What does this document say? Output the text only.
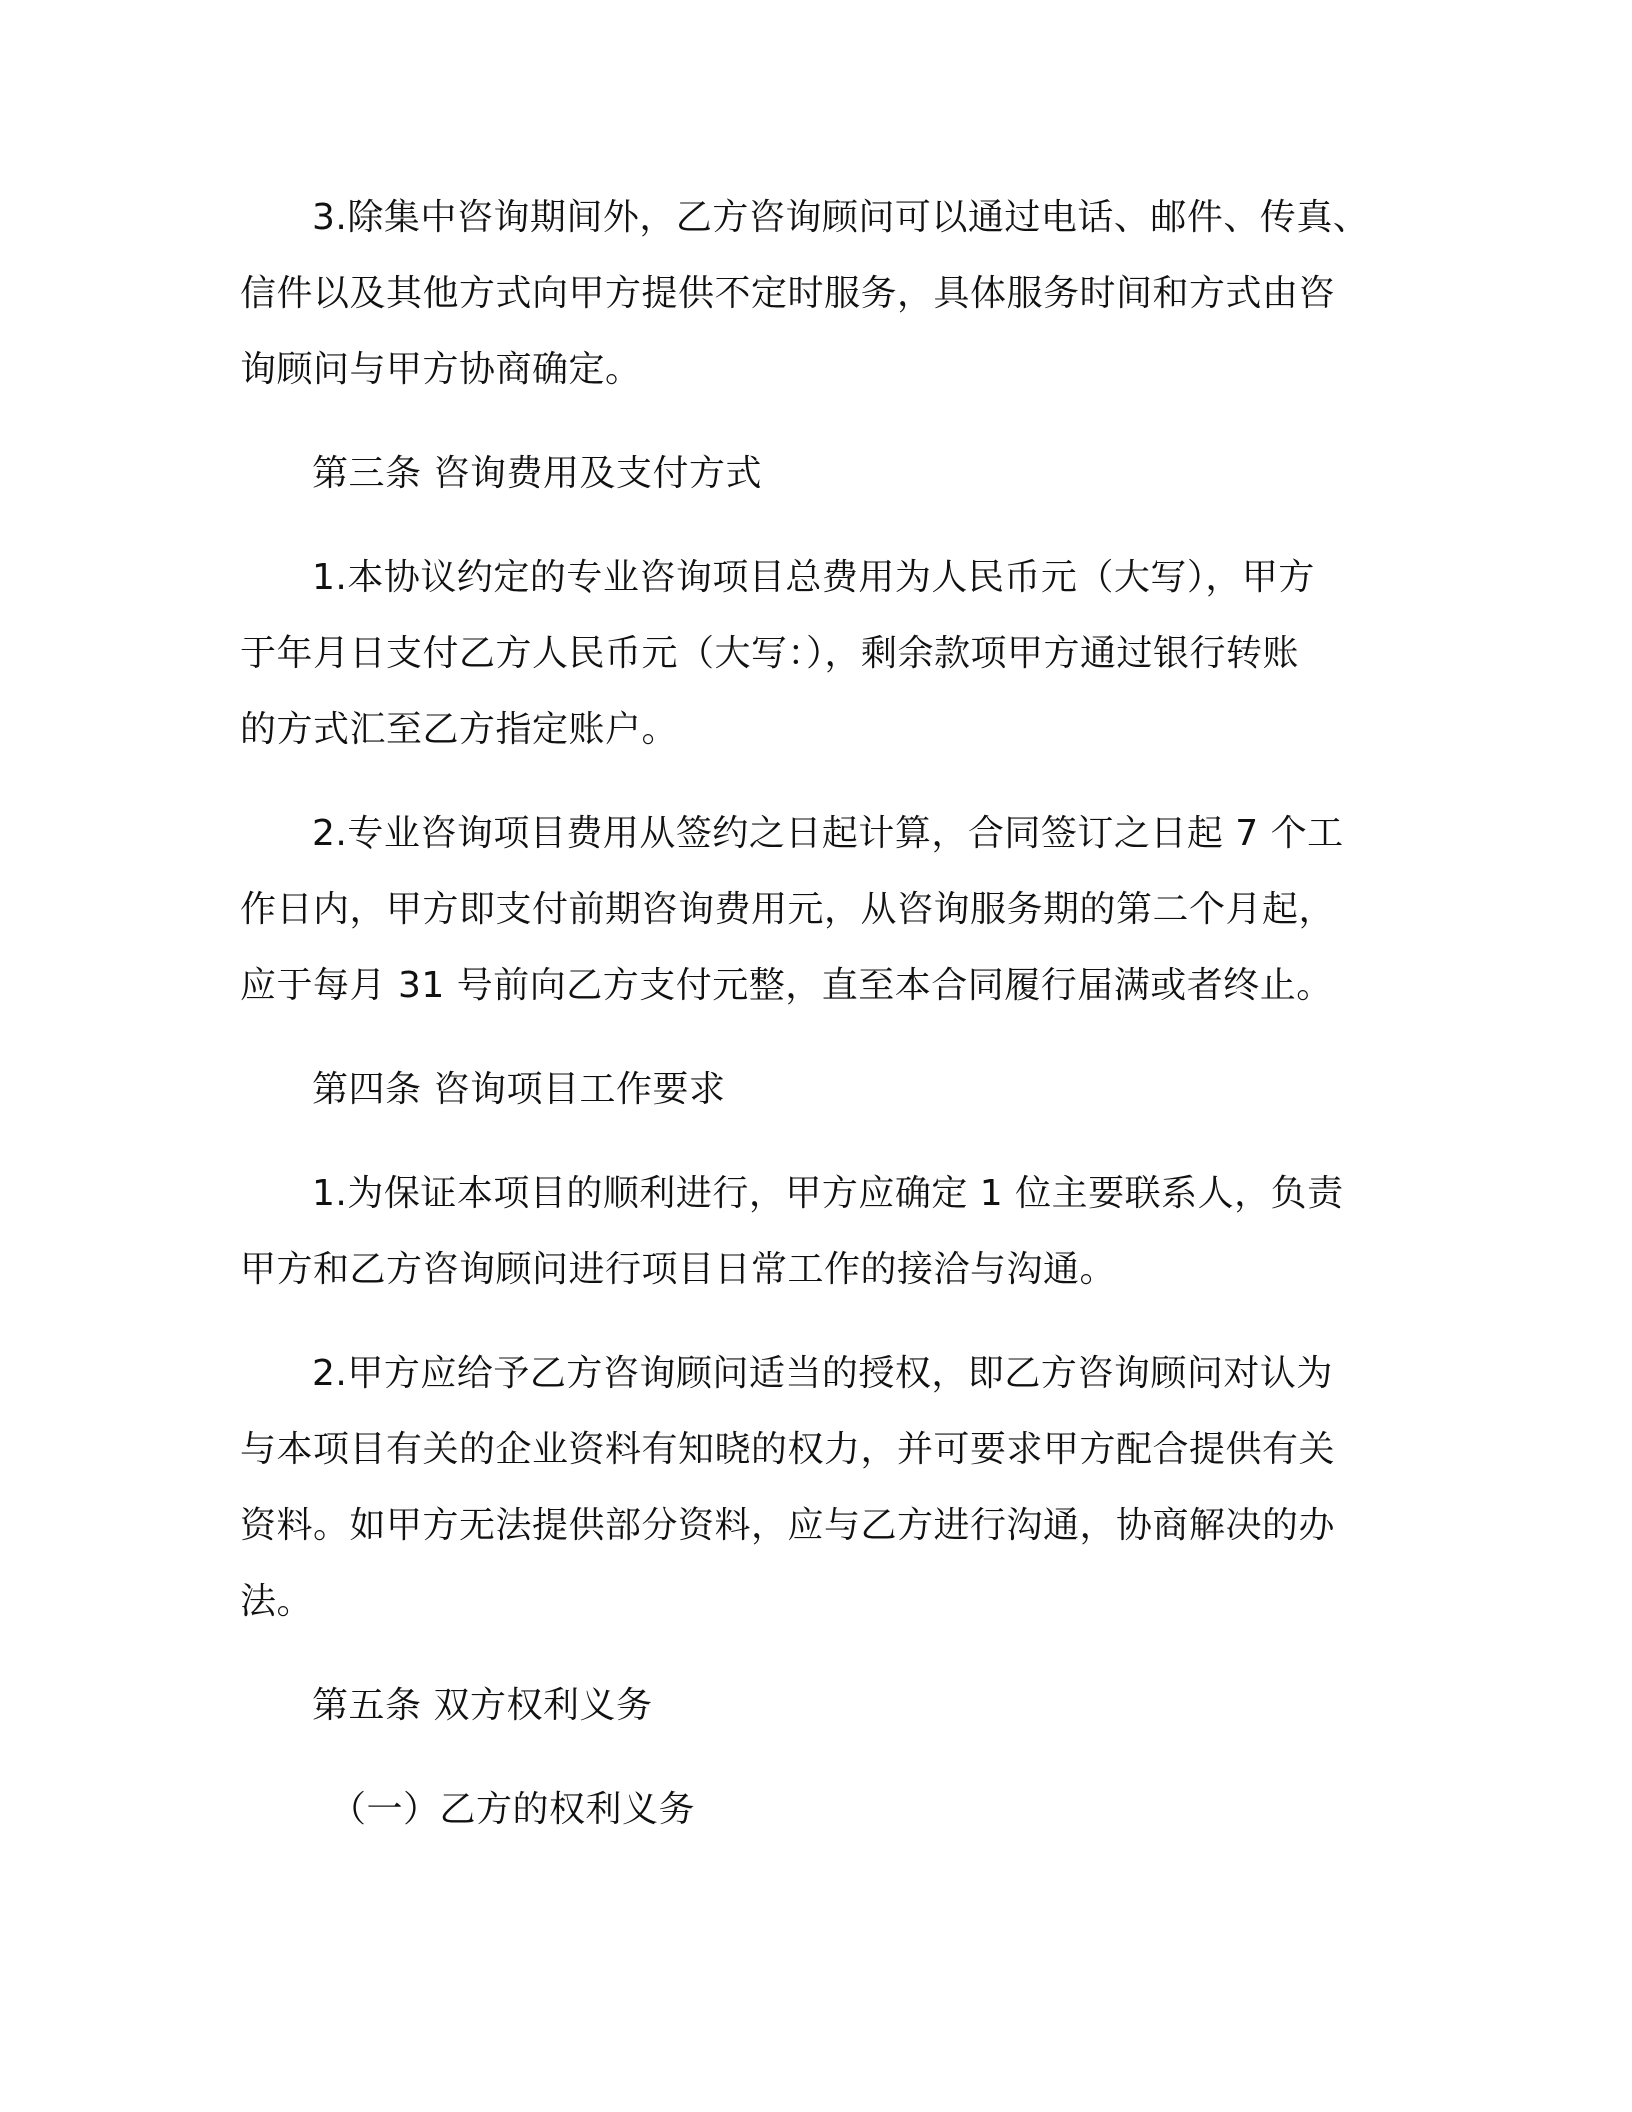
3.除集中咨询期间外，乙方咨询顾问可以通过电话、邮件、传真、
信件以及其他方式向甲方提供不定时服务，具体服务时间和方式由咨
询顾问与甲方协商确定。
第三条 咨询费用及支付方式
1.本协议约定的专业咨询项目总费用为人民币元（大写），甲方
于年月日支付乙方人民币元（大写：），剩余款项甲方通过银行转账
的方式汇至乙方指定账户。
2.专业咨询项目费用从签约之日起计算，合同签订之日起 7 个工
作日内，甲方即支付前期咨询费用元，从咨询服务期的第二个月起，
应于每月 31 号前向乙方支付元整，直至本合同履行届满或者终止。
第四条 咨询项目工作要求
1.为保证本项目的顺利进行，甲方应确定 1 位主要联系人，负责
甲方和乙方咨询顾问进行项目日常工作的接洽与沟通。
2.甲方应给予乙方咨询顾问适当的授权，即乙方咨询顾问对认为
与本项目有关的企业资料有知晓的权力，并可要求甲方配合提供有关
资料。如甲方无法提供部分资料，应与乙方进行沟通，协商解决的办
法。
第五条 双方权利义务
（一）乙方的权利义务
